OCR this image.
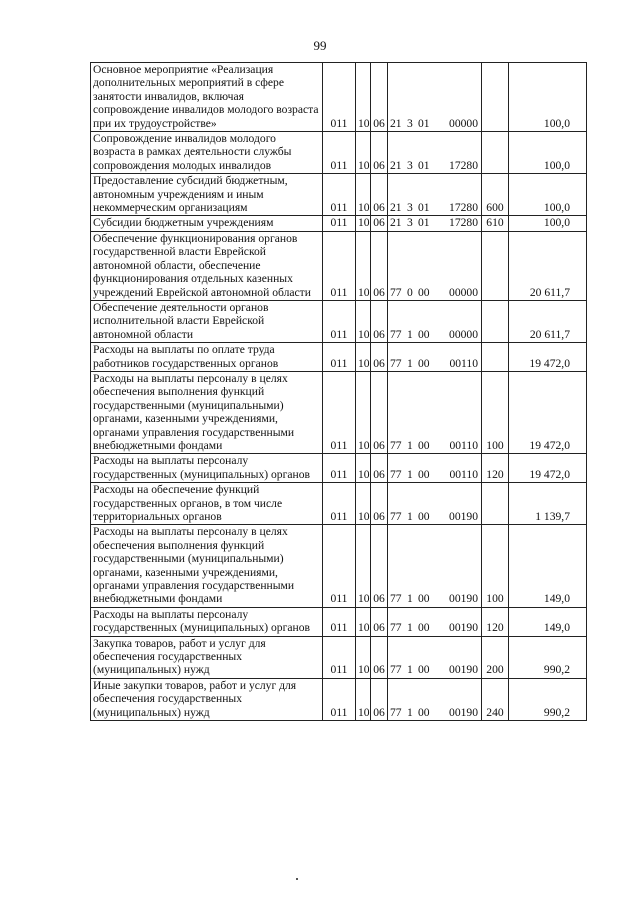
99
Основное мероприятие «Реализация дополнительных мероприятий в сфере занятости инвалидов, включая сопровождение инвалидов молодого возраста при их трудоустройстве»	011	10	06	21 3 01 00000		100,0
Сопровождение инвалидов молодого возраста в рамках деятельности службы сопровождения молодых инвалидов	011	10	06	21 3 01 17280		100,0
Предоставление субсидий бюджетным, автономным учреждениям и иным некоммерческим организациям	011	10	06	21 3 01 17280	600	100,0
Субсидии бюджетным учреждениям	011	10	06	21 3 01 17280	610	100,0
Обеспечение функционирования органов государственной власти Еврейской автономной области, обеспечение функционирования отдельных казенных учреждений Еврейской автономной области	011	10	06	77 0 00 00000		20 611,7
Обеспечение деятельности органов исполнительной власти Еврейской автономной области	011	10	06	77 1 00 00000		20 611,7
Расходы на выплаты по оплате труда работников государственных органов	011	10	06	77 1 00 00110		19 472,0
Расходы на выплаты персоналу в целях обеспечения выполнения функций государственными (муниципальными) органами, казенными учреждениями, органами управления государственными внебюджетными фондами	011	10	06	77 1 00 00110	100	19 472,0
Расходы на выплаты персоналу государственных (муниципальных) органов	011	10	06	77 1 00 00110	120	19 472,0
Расходы на обеспечение функций государственных органов, в том числе территориальных органов	011	10	06	77 1 00 00190		1 139,7
Расходы на выплаты персоналу в целях обеспечения выполнения функций государственными (муниципальными) органами, казенными учреждениями, органами управления государственными внебюджетными фондами	011	10	06	77 1 00 00190	100	149,0
Расходы на выплаты персоналу государственных (муниципальных) органов	011	10	06	77 1 00 00190	120	149,0
Закупка товаров, работ и услуг для обеспечения государственных (муниципальных) нужд	011	10	06	77 1 00 00190	200	990,2
Иные закупки товаров, работ и услуг для обеспечения государственных (муниципальных) нужд	011	10	06	77 1 00 00190	240	990,2
